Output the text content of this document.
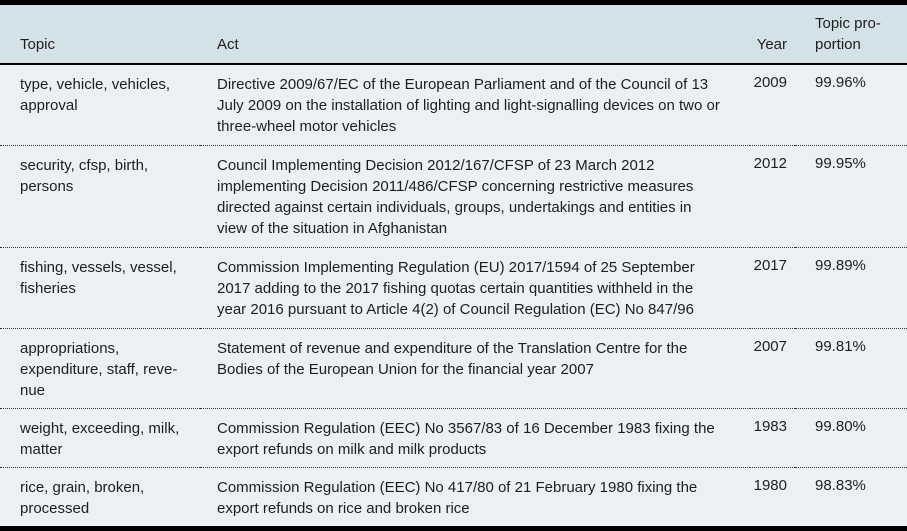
Topic	Act	Year	Topic pro-
portion

type, vehicle, vehicles, approval	Directive 2009/67/EC of the European Parliament and of the Council of 13 July 2009 on the installation of lighting and light-signalling devices on two or three-wheel motor vehicles	2009	99.96%
security, cfsp, birth, persons	Council Implementing Decision 2012/167/CFSP of 23 March 2012 implementing Decision 2011/486/CFSP concerning restrictive measures directed against certain individuals, groups, undertakings and entities in view of the situation in Afghanistan	2012	99.95%
fishing, vessels, vessel, fisheries	Commission Implementing Regulation (EU) 2017/1594 of 25 September 2017 adding to the 2017 fishing quotas certain quantities withheld in the year 2016 pursuant to Article 4(2) of Council Regulation (EC) No 847/96	2017	99.89%
appropriations, expenditure, staff, revenue	Statement of revenue and expenditure of the Translation Centre for the Bodies of the European Union for the financial year 2007	2007	99.81%
weight, exceeding, milk, matter	Commission Regulation (EEC) No 3567/83 of 16 December 1983 fixing the export refunds on milk and milk products	1983	99.80%
rice, grain, broken, processed	Commission Regulation (EEC) No 417/80 of 21 February 1980 fixing the export refunds on rice and broken rice	1980	98.83%
